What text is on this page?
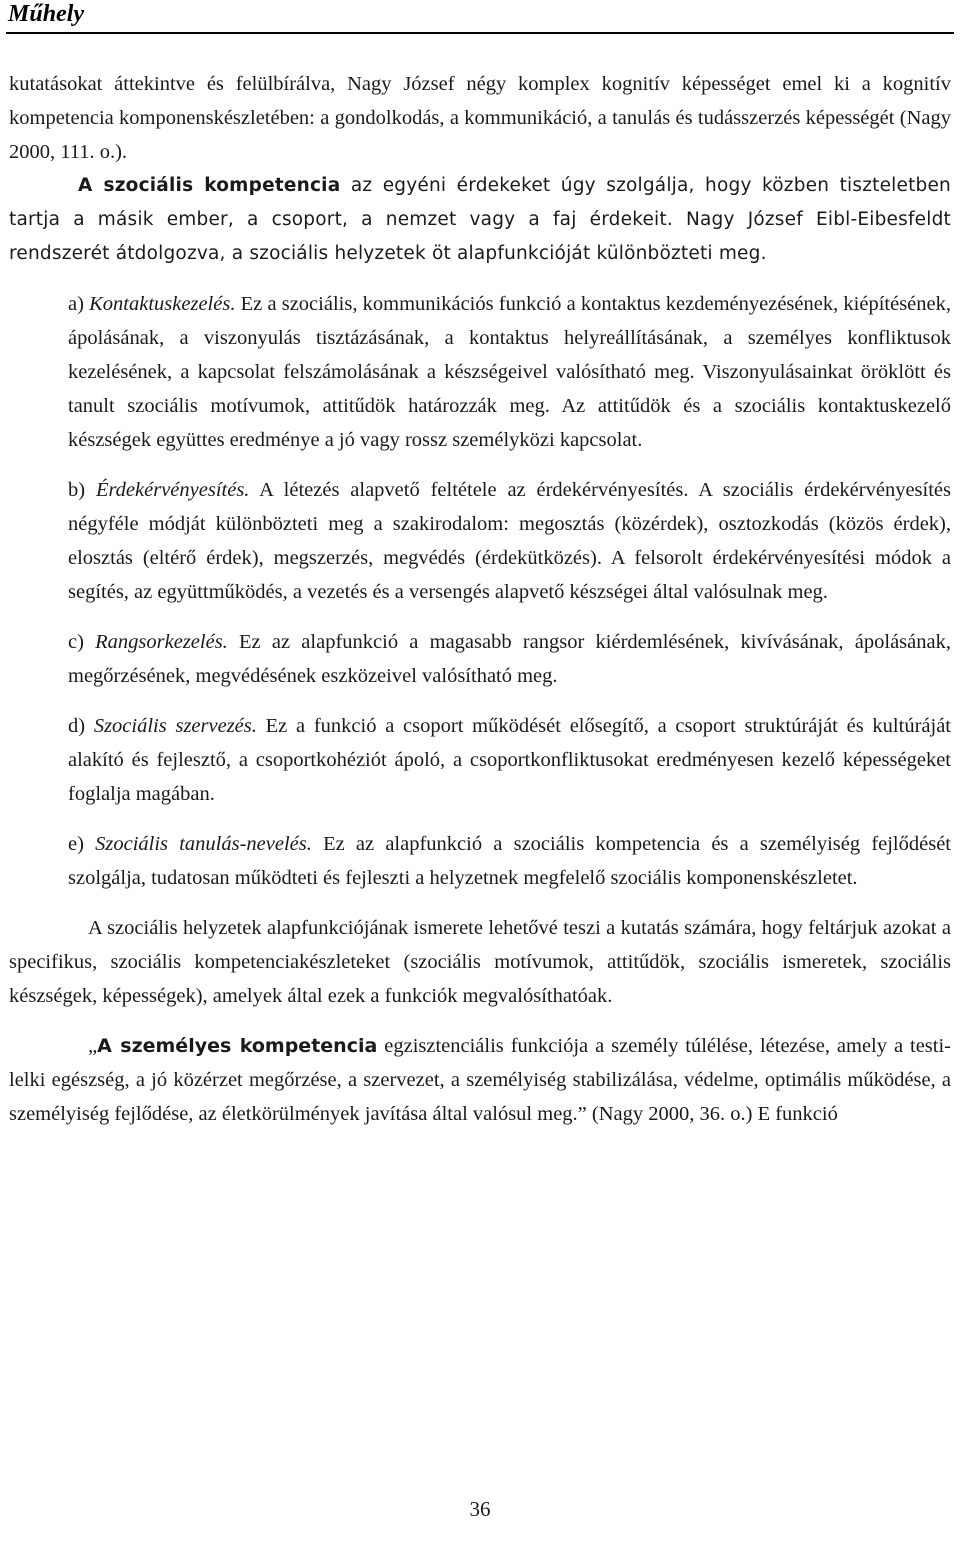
Műhely

kutatásokat áttekintve és felülbírálva, Nagy József négy komplex kognitív képességet emel ki a kognitív kompetencia komponenskészletében: a gondolkodás, a kommunikáció, a tanulás és tudásszerzés képességét (Nagy 2000, 111. o.).

A szociális kompetencia az egyéni érdekeket úgy szolgálja, hogy közben tiszteletben tartja a másik ember, a csoport, a nemzet vagy a faj érdekeit. Nagy József Eibl-Eibesfeldt rendszerét átdolgozva, a szociális helyzetek öt alapfunkcióját különbözteti meg.

a) Kontaktuskezelés. Ez a szociális, kommunikációs funkció a kontaktus kezdeményezésének, kiépítésének, ápolásának, a viszonyulás tisztázásának, a kontaktus helyreállításának, a személyes konfliktusok kezelésének, a kapcsolat felszámolásának a készségeivel valósítható meg. Viszonyulásainkat öröklött és tanult szociális motívumok, attitűdök határozzák meg. Az attitűdök és a szociális kontaktuskezelő készségek együttes eredménye a jó vagy rossz személyközi kapcsolat.

b) Érdekérvényesítés. A létezés alapvető feltétele az érdekérvényesítés. A szociális érdekérvényesítés négyféle módját különbözteti meg a szakirodalom: megosztás (közérdek), osztozkodás (közös érdek), elosztás (eltérő érdek), megszerzés, megvédés (érdekütközés). A felsorolt érdekérvényesítési módok a segítés, az együttműködés, a vezetés és a versengés alapvető készségei által valósulnak meg.

c) Rangsorkezelés. Ez az alapfunkció a magasabb rangsor kiérdemlésének, kivívásának, ápolásának, megőrzésének, megvédésének eszközeivel valósítható meg.

d) Szociális szervezés. Ez a funkció a csoport működését elősegítő, a csoport struktúráját és kultúráját alakító és fejlesztő, a csoportkohéziót ápoló, a csoportkonfliktusokat eredményesen kezelő képességeket foglalja magában.

e) Szociális tanulás-nevelés. Ez az alapfunkció a szociális kompetencia és a személyiség fejlődését szolgálja, tudatosan működteti és fejleszti a helyzetnek megfelelő szociális komponenskészletet.

A szociális helyzetek alapfunkciójának ismerete lehetővé teszi a kutatás számára, hogy feltárjuk azokat a specifikus, szociális kompetenciakészleteket (szociális motívumok, attitűdök, szociális ismeretek, szociális készségek, képességek), amelyek által ezek a funkciók megvalósíthatóak.

„A személyes kompetencia egzisztenciális funkciója a személy túlélése, létezése, amely a testi-lelki egészség, a jó közérzet megőrzése, a szervezet, a személyiség stabilizálása, védelme, optimális működése, a személyiség fejlődése, az életkörülmények javítása által valósul meg.” (Nagy 2000, 36. o.) E funkció

36
